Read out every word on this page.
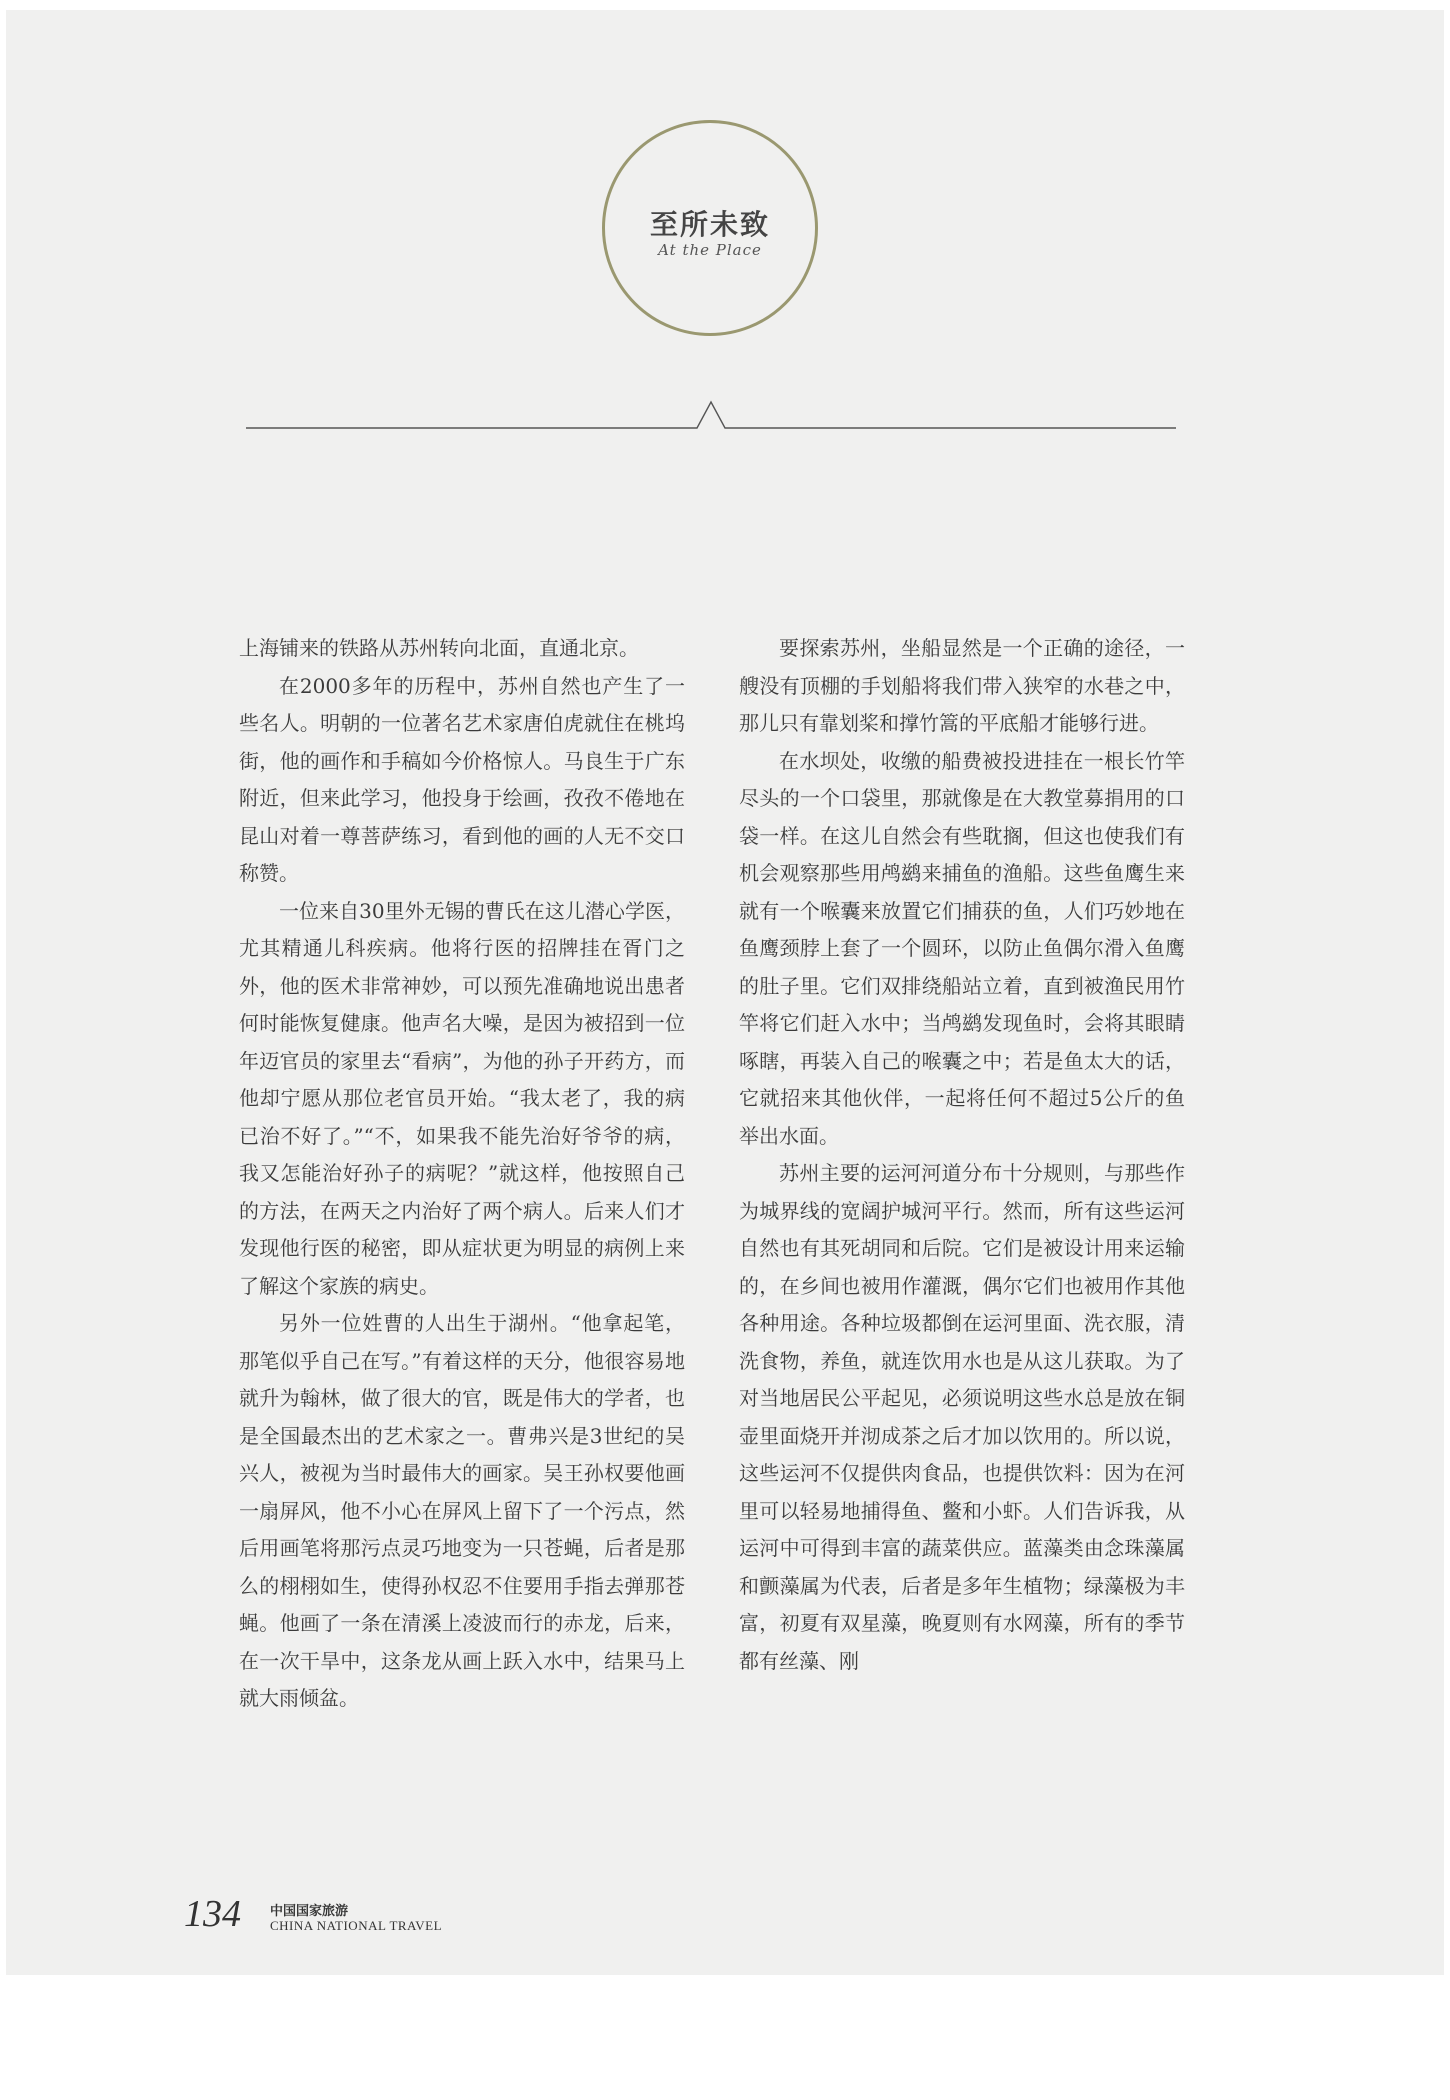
至所未致
At the Place

上海铺来的铁路从苏州转向北面，直通北京。

在2000多年的历程中，苏州自然也产生了一些名人。明朝的一位著名艺术家唐伯虎就住在桃坞街，他的画作和手稿如今价格惊人。马良生于广东附近，但来此学习，他投身于绘画，孜孜不倦地在昆山对着一尊菩萨练习，看到他的画的人无不交口称赞。

一位来自30里外无锡的曹氏在这儿潜心学医，尤其精通儿科疾病。他将行医的招牌挂在胥门之外，他的医术非常神妙，可以预先准确地说出患者何时能恢复健康。他声名大噪，是因为被招到一位年迈官员的家里去“看病”，为他的孙子开药方，而他却宁愿从那位老官员开始。“我太老了，我的病已治不好了。”“不，如果我不能先治好爷爷的病，我又怎能治好孙子的病呢？”就这样，他按照自己的方法，在两天之内治好了两个病人。后来人们才发现他行医的秘密，即从症状更为明显的病例上来了解这个家族的病史。

另外一位姓曹的人出生于湖州。“他拿起笔，那笔似乎自己在写。”有着这样的天分，他很容易地就升为翰林，做了很大的官，既是伟大的学者，也是全国最杰出的艺术家之一。曹弗兴是3世纪的吴兴人，被视为当时最伟大的画家。吴王孙权要他画一扇屏风，他不小心在屏风上留下了一个污点，然后用画笔将那污点灵巧地变为一只苍蝇，后者是那么的栩栩如生，使得孙权忍不住要用手指去弹那苍蝇。他画了一条在清溪上凌波而行的赤龙，后来，在一次干旱中，这条龙从画上跃入水中，结果马上就大雨倾盆。

要探索苏州，坐船显然是一个正确的途径，一艘没有顶棚的手划船将我们带入狭窄的水巷之中，那儿只有靠划桨和撑竹篙的平底船才能够行进。

在水坝处，收缴的船费被投进挂在一根长竹竿尽头的一个口袋里，那就像是在大教堂募捐用的口袋一样。在这儿自然会有些耽搁，但这也使我们有机会观察那些用鸬鹚来捕鱼的渔船。这些鱼鹰生来就有一个喉囊来放置它们捕获的鱼，人们巧妙地在鱼鹰颈脖上套了一个圆环，以防止鱼偶尔滑入鱼鹰的肚子里。它们双排绕船站立着，直到被渔民用竹竿将它们赶入水中；当鸬鹚发现鱼时，会将其眼睛啄瞎，再装入自己的喉囊之中；若是鱼太大的话，它就招来其他伙伴，一起将任何不超过5公斤的鱼举出水面。

苏州主要的运河河道分布十分规则，与那些作为城界线的宽阔护城河平行。然而，所有这些运河自然也有其死胡同和后院。它们是被设计用来运输的，在乡间也被用作灌溉，偶尔它们也被用作其他各种用途。各种垃圾都倒在运河里面、洗衣服，清洗食物，养鱼，就连饮用水也是从这儿获取。为了对当地居民公平起见，必须说明这些水总是放在铜壶里面烧开并沏成茶之后才加以饮用的。所以说，这些运河不仅提供肉食品，也提供饮料：因为在河里可以轻易地捕得鱼、鳖和小虾。人们告诉我，从运河中可得到丰富的蔬菜供应。蓝藻类由念珠藻属和颤藻属为代表，后者是多年生植物；绿藻极为丰富，初夏有双星藻，晚夏则有水网藻，所有的季节都有丝藻、刚

134 中国国家旅游
CHINA NATIONAL TRAVEL
